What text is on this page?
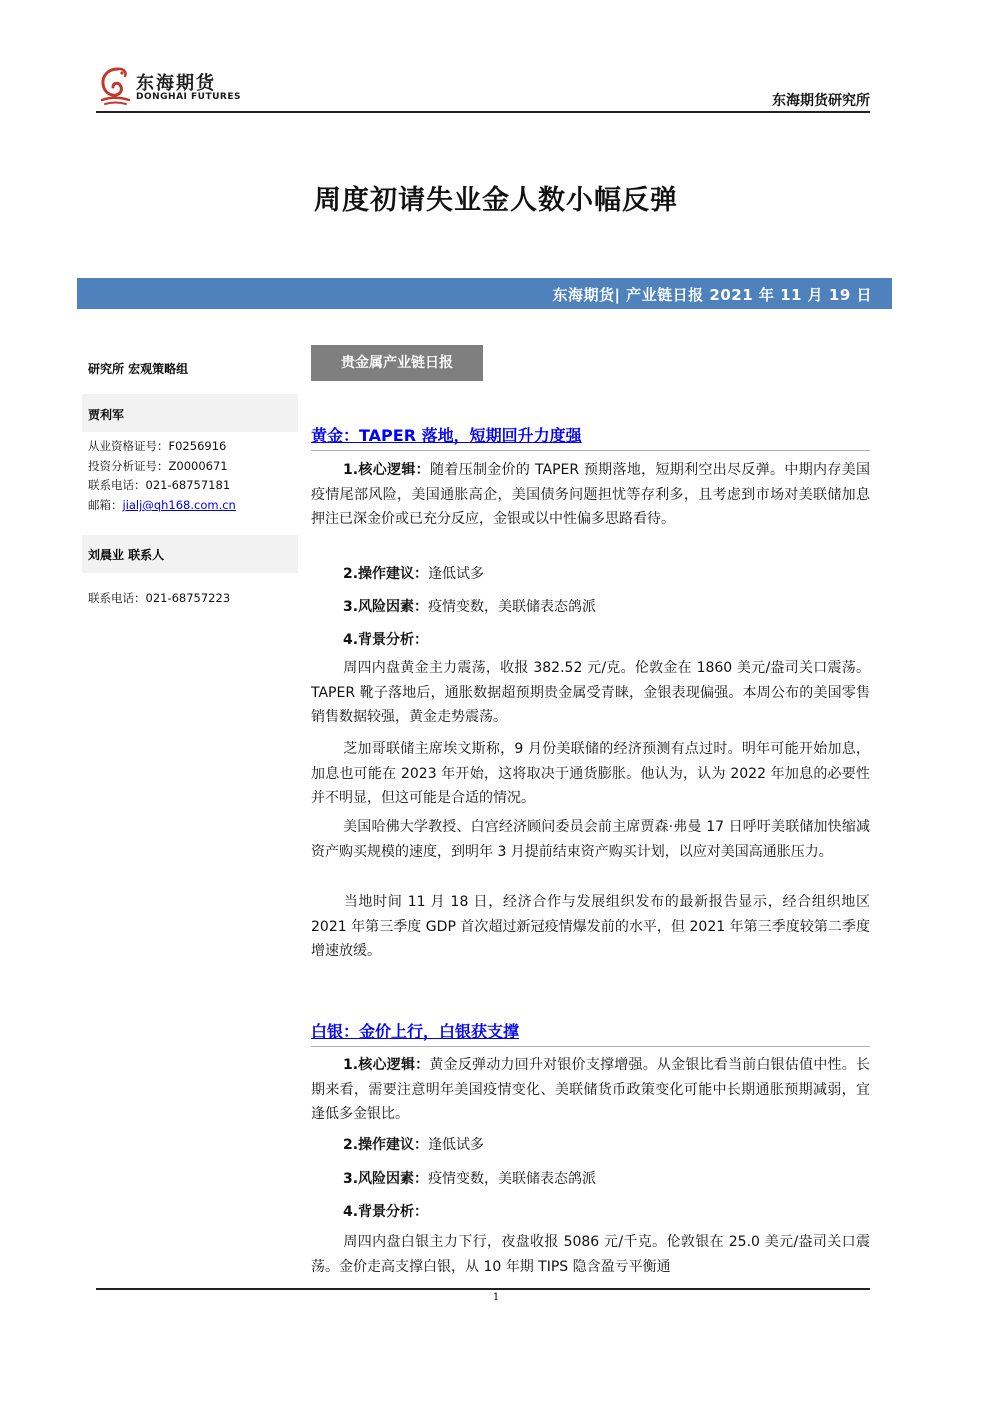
东海期货
DONGHAI FUTURES	东海期货研究所
周度初请失业金人数小幅反弹
东海期货| 产业链日报 2021 年 11 月 19 日
研究所 宏观策略组
贾利军
从业资格证号：F0256916
投资分析证号：Z0000671
联系电话：021-68757181
邮箱：jialj@qh168.com.cn
刘晨业 联系人
联系电话：021-68757223
贵金属产业链日报
黄金：TAPER 落地，短期回升力度强
1.核心逻辑：随着压制金价的 TAPER 预期落地，短期利空出尽反弹。中期内存美国疫情尾部风险，美国通胀高企，美国债务问题担忧等存利多，且考虑到市场对美联储加息押注已深金价或已充分反应，金银或以中性偏多思路看待。
2.操作建议：逢低试多
3.风险因素：疫情变数，美联储表态鸽派
4.背景分析：
周四内盘黄金主力震荡，收报 382.52 元/克。伦敦金在 1860 美元/盎司关口震荡。TAPER 靴子落地后，通胀数据超预期贵金属受青睐，金银表现偏强。本周公布的美国零售销售数据较强，黄金走势震荡。
芝加哥联储主席埃文斯称，9 月份美联储的经济预测有点过时。明年可能开始加息，加息也可能在 2023 年开始，这将取决于通货膨胀。他认为，认为 2022 年加息的必要性并不明显，但这可能是合适的情况。
美国哈佛大学教授、白宫经济顾问委员会前主席贾森·弗曼 17 日呼吁美联储加快缩减资产购买规模的速度，到明年 3 月提前结束资产购买计划，以应对美国高通胀压力。
当地时间 11 月 18 日，经济合作与发展组织发布的最新报告显示，经合组织地区 2021 年第三季度 GDP 首次超过新冠疫情爆发前的水平，但 2021 年第三季度较第二季度增速放缓。
白银：金价上行，白银获支撑
1.核心逻辑：黄金反弹动力回升对银价支撑增强。从金银比看当前白银估值中性。长期来看，需要注意明年美国疫情变化、美联储货币政策变化可能中长期通胀预期减弱，宜逢低多金银比。
2.操作建议：逢低试多
3.风险因素：疫情变数，美联储表态鸽派
4.背景分析：
周四内盘白银主力下行，夜盘收报 5086 元/千克。伦敦银在 25.0 美元/盎司关口震荡。金价走高支撑白银，从 10 年期 TIPS 隐含盈亏平衡通
1
